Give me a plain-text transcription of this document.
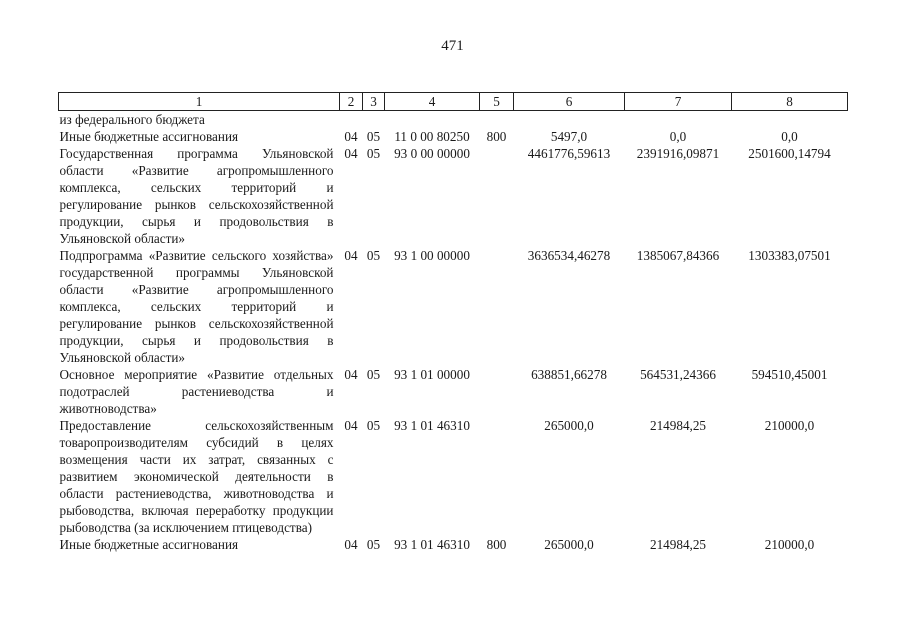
471
1	2	3	4	5	6	7	8
из федерального бюджета							
Иные бюджетные ассигнования	04	05	11 0 00 80250	800	5497,0	0,0	0,0
Государственная программа Ульяновской области «Развитие агропромышленного комплекса, сельских территорий и регулирование рынков сельскохозяйственной продукции, сырья и продовольствия в Ульяновской области»	04	05	93 0 00 00000		4461776,59613	2391916,09871	2501600,14794
Подпрограмма «Развитие сельского хозяйства» государственной программы Ульяновской области «Развитие агропромышленного комплекса, сельских территорий и регулирование рынков сельскохозяйственной продукции, сырья и продовольствия в Ульяновской области»	04	05	93 1 00 00000		3636534,46278	1385067,84366	1303383,07501
Основное мероприятие «Развитие отдельных подотраслей растениеводства и животноводства»	04	05	93 1 01 00000		638851,66278	564531,24366	594510,45001
Предоставление сельскохозяйственным товаропроизводителям субсидий в целях возмещения части их затрат, связанных с развитием экономической деятельности в области растениеводства, животноводства и рыбоводства, включая переработку продукции рыбоводства (за исключением птицеводства)	04	05	93 1 01 46310		265000,0	214984,25	210000,0
Иные бюджетные ассигнования	04	05	93 1 01 46310	800	265000,0	214984,25	210000,0
